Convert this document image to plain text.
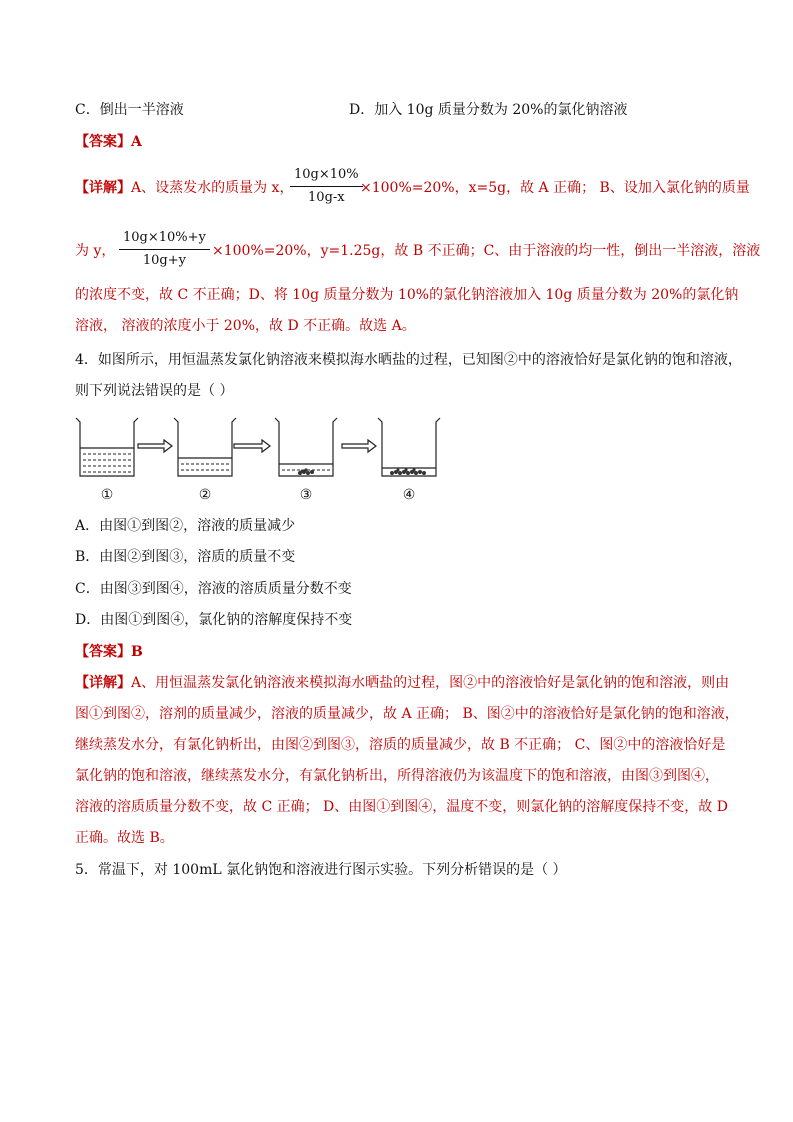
C．倒出一半溶液	D．加入 10g 质量分数为 20%的氯化钠溶液
【答案】A
【详解】A、设蒸发水的质量为 x，
$\frac{10g\times 10\%}{10g-x}$
×100%=20%，x=5g，故 A 正确； B、设加入氯化钠的质量
为 y， $\frac{10g\times 10\%+y}{10g+y} \times 100\%=20\%$，y=1.25g，故 B 不正确；C、由于溶液的均一性，倒出一半溶液，溶液
的浓度不变，故 C 不正确；D、将 10g 质量分数为 10%的氯化钠溶液加入 10g 质量分数为 20%的氯化钠
溶液， 溶液的浓度小于 20%，故 D 不正确。故选 A。
4．如图所示，用恒温蒸发氯化钠溶液来模拟海水晒盐的过程，已知图②中的溶液恰好是氯化钠的饱和溶液，
则下列说法错误的是（ ）
①	②	③	④
A．由图①到图②，溶液的质量减少
B．由图②到图③，溶质的质量不变
C．由图③到图④，溶液的溶质质量分数不变
D．由图①到图④，氯化钠的溶解度保持不变
【答案】B
【详解】A、用恒温蒸发氯化钠溶液来模拟海水晒盐的过程，图②中的溶液恰好是氯化钠的饱和溶液，则由
图①到图②，溶剂的质量减少，溶液的质量减少，故 A 正确； B、图②中的溶液恰好是氯化钠的饱和溶液，
继续蒸发水分，有氯化钠析出，由图②到图③，溶质的质量减少，故 B 不正确； C、图②中的溶液恰好是
氯化钠的饱和溶液，继续蒸发水分，有氯化钠析出，所得溶液仍为该温度下的饱和溶液，由图③到图④，
溶液的溶质质量分数不变，故 C 正确； D、由图①到图④，温度不变，则氯化钠的溶解度保持不变，故 D
正确。故选 B。
5．常温下，对 100mL 氯化钠饱和溶液进行图示实验。下列分析错误的是（ ）
